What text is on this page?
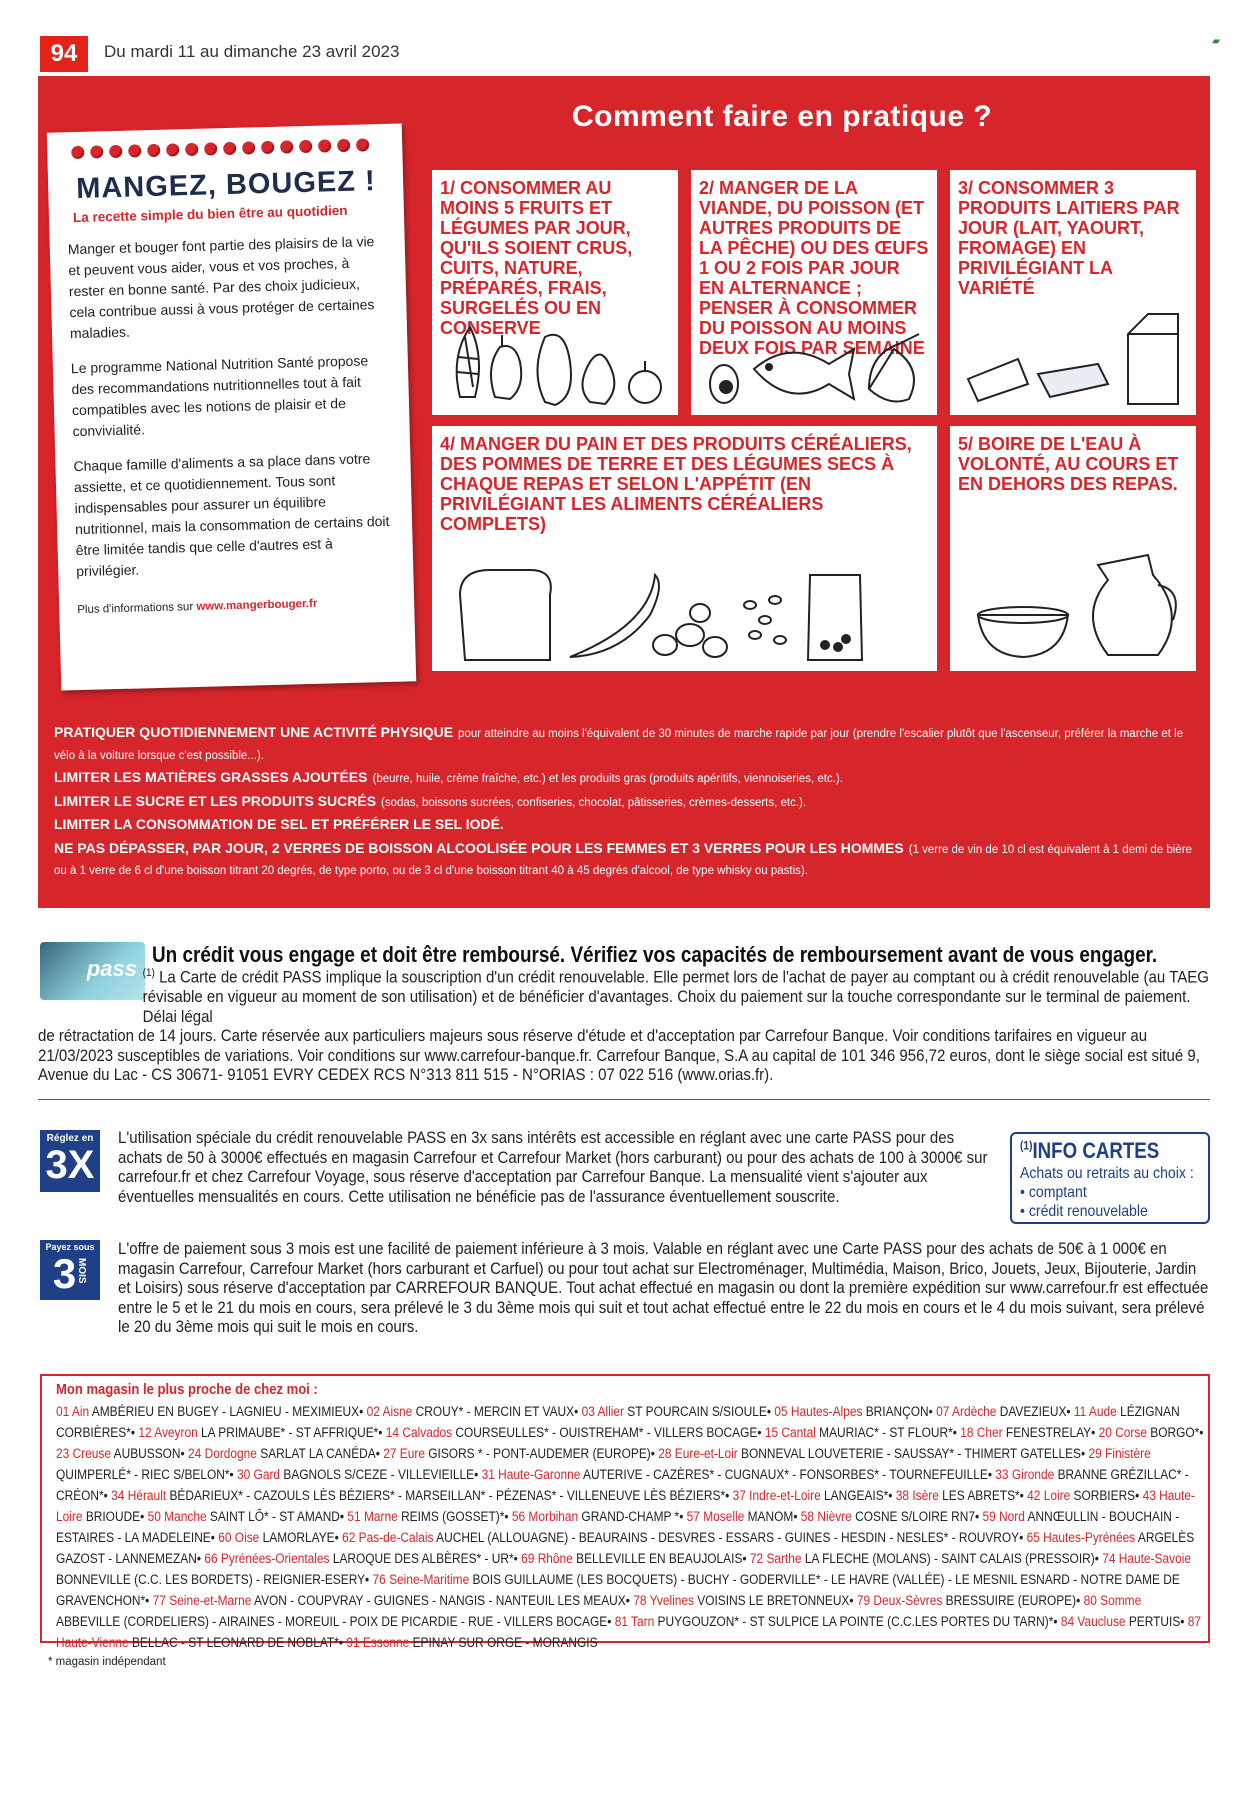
94	Du mardi 11 au dimanche 23 avril 2023
▰
Comment faire en pratique ?
MANGEZ, BOUGEZ !
La recette simple du bien être au quotidien

Manger et bouger font partie des plaisirs de la vie et peuvent vous aider, vous et vos proches, à rester en bonne santé. Par des choix judicieux, cela contribue aussi à vous protéger de certaines maladies.

Le programme National Nutrition Santé propose des recommandations nutritionnelles tout à fait compatibles avec les notions de plaisir et de convivialité.

Chaque famille d'aliments a sa place dans votre assiette, et ce quotidiennement. Tous sont indispensables pour assurer un équilibre nutritionnel, mais la consommation de certains doit être limitée tandis que celle d'autres est à privilégier.

Plus d'informations sur www.mangerbouger.fr

1/ CONSOMMER AU MOINS 5 FRUITS ET LÉGUMES PAR JOUR, QU'ILS SOIENT CRUS, CUITS, NATURE, PRÉPARÉS, FRAIS, SURGELÉS OU EN CONSERVE
2/ MANGER DE LA VIANDE, DU POISSON (ET AUTRES PRODUITS DE LA PÊCHE) OU DES ŒUFS 1 OU 2 FOIS PAR JOUR EN ALTERNANCE ; PENSER À CONSOMMER DU POISSON AU MOINS DEUX FOIS PAR SEMAINE
3/ CONSOMMER 3 PRODUITS LAITIERS PAR JOUR (LAIT, YAOURT, FROMAGE) EN PRIVILÉGIANT LA VARIÉTÉ
4/ MANGER DU PAIN ET DES PRODUITS CÉRÉALIERS, DES POMMES DE TERRE ET DES LÉGUMES SECS À CHAQUE REPAS ET SELON L'APPÉTIT (EN PRIVILÉGIANT LES ALIMENTS CÉRÉALIERS COMPLETS)
5/ BOIRE DE L'EAU À VOLONTÉ, AU COURS ET EN DEHORS DES REPAS.
PRATIQUER QUOTIDIENNEMENT UNE ACTIVITÉ PHYSIQUE pour atteindre au moins l'équivalent de 30 minutes de marche rapide par jour (prendre l'escalier plutôt que l'ascenseur, préférer la marche et le vélo à la voiture lorsque c'est possible...).
LIMITER LES MATIÈRES GRASSES AJOUTÉES (beurre, huile, crème fraîche, etc.) et les produits gras (produits apéritifs, viennoiseries, etc.).
LIMITER LE SUCRE ET LES PRODUITS SUCRÉS (sodas, boissons sucrées, confiseries, chocolat, pâtisseries, crèmes-desserts, etc.).
LIMITER LA CONSOMMATION DE SEL ET PRÉFÉRER LE SEL IODÉ.
NE PAS DÉPASSER, PAR JOUR, 2 VERRES DE BOISSON ALCOOLISÉE POUR LES FEMMES ET 3 VERRES POUR LES HOMMES (1 verre de vin de 10 cl est équivalent à 1 demi de bière ou à 1 verre de 6 cl d'une boisson titrant 20 degrés, de type porto, ou de 3 cl d'une boisson titrant 40 à 45 degrés d'alcool, de type whisky ou pastis).
pass
Un crédit vous engage et doit être remboursé. Vérifiez vos capacités de remboursement avant de vous engager.
$^{(1)}$ La Carte de crédit PASS implique la souscription d'un crédit renouvelable. Elle permet lors de l'achat de payer au comptant ou à crédit renouvelable (au TAEG
révisable en vigueur au moment de son utilisation) et de bénéficier d'avantages. Choix du paiement sur la touche correspondante sur le terminal de paiement. Délai légal
de rétractation de 14 jours. Carte réservée aux particuliers majeurs sous réserve d'étude et d'acceptation par Carrefour Banque. Voir conditions tarifaires en vigueur au 21/03/2023 susceptibles de variations. Voir conditions sur www.carrefour-banque.fr. Carrefour Banque, S.A au capital de 101 346 956,72 euros, dont le siège social est situé 9, Avenue du Lac - CS 30671- 91051 EVRY CEDEX RCS N°313 811 515 - N°ORIAS : 07 022 516 (www.orias.fr).
Réglez en
3X
L'utilisation spéciale du crédit renouvelable PASS en 3x sans intérêts est accessible en réglant avec une carte PASS pour des achats de 50 à 3000€ effectués en magasin Carrefour et Carrefour Market (hors carburant) ou pour des achats de 100 à 3000€ sur carrefour.fr et chez Carrefour Voyage, sous réserve d'acceptation par Carrefour Banque. La mensualité vient s'ajouter aux éventuelles mensualités en cours. Cette utilisation ne bénéficie pas de l'assurance éventuellement souscrite.
$^{(1)}$INFO CARTES
Achats ou retraits au choix :
• comptant
• crédit renouvelable
Payez sous
3MOIS
L'offre de paiement sous 3 mois est une facilité de paiement inférieure à 3 mois. Valable en réglant avec une Carte PASS pour des achats de 50€ à 1 000€ en magasin Carrefour, Carrefour Market (hors carburant et Carfuel) ou pour tout achat sur Electroménager, Multimédia, Maison, Brico, Jouets, Jeux, Bijouterie, Jardin et Loisirs) sous réserve d'acceptation par CARREFOUR BANQUE. Tout achat effectué en magasin ou dont la première expédition sur www.carrefour.fr est effectuée entre le 5 et le 21 du mois en cours, sera prélevé le 3 du 3ème mois qui suit et tout achat effectué entre le 22 du mois en cours et le 4 du mois suivant, sera prélevé le 20 du 3ème mois qui suit le mois en cours.
Mon magasin le plus proche de chez moi :
01 Ain AMBÉRIEU EN BUGEY - LAGNIEU - MEXIMIEUX• 02 Aisne CROUY* - MERCIN ET VAUX• 03 Allier ST POURCAIN S/SIOULE• 05 Hautes-Alpes BRIANÇON• 07 Ardèche DAVEZIEUX• 11 Aude LÉZIGNAN CORBIÈRES*• 12 Aveyron LA PRIMAUBE* - ST AFFRIQUE*• 14 Calvados COURSEULLES* - OUISTREHAM* - VILLERS BOCAGE• 15 Cantal MAURIAC* - ST FLOUR*• 18 Cher FENESTRELAY• 20 Corse BORGO*• 23 Creuse AUBUSSON• 24 Dordogne SARLAT LA CANÉDA• 27 Eure GISORS * - PONT-AUDEMER (EUROPE)• 28 Eure-et-Loir BONNEVAL LOUVETERIE - SAUSSAY* - THIMERT GATELLES• 29 Finistère QUIMPERLÉ* - RIEC S/BELON*• 30 Gard BAGNOLS S/CEZE - VILLEVIEILLE• 31 Haute-Garonne AUTERIVE - CAZÈRES* - CUGNAUX* - FONSORBES* - TOURNEFEUILLE• 33 Gironde BRANNE GRÉZILLAC* - CRÉON*• 34 Hérault BÉDARIEUX* - CAZOULS LÈS BÉZIERS* - MARSEILLAN* - PÉZENAS* - VILLENEUVE LÈS BÉZIERS*• 37 Indre-et-Loire LANGEAIS*• 38 Isère LES ABRETS*• 42 Loire SORBIERS• 43 Haute-Loire BRIOUDE• 50 Manche SAINT LÔ* - ST AMAND• 51 Marne REIMS (GOSSET)*• 56 Morbihan GRAND-CHAMP *• 57 Moselle MANOM• 58 Nièvre COSNE S/LOIRE RN7• 59 Nord ANNŒULLIN - BOUCHAIN - ESTAIRES - LA MADELEINE• 60 Oise LAMORLAYE• 62 Pas-de-Calais AUCHEL (ALLOUAGNE) - BEAURAINS - DESVRES - ESSARS - GUINES - HESDIN - NESLES* - ROUVROY• 65 Hautes-Pyrénées ARGELÈS GAZOST - LANNEMEZAN• 66 Pyrénées-Orientales LAROQUE DES ALBÈRES* - UR*• 69 Rhône BELLEVILLE EN BEAUJOLAIS• 72 Sarthe LA FLECHE (MOLANS) - SAINT CALAIS (PRESSOIR)• 74 Haute-Savoie BONNEVILLE (C.C. LES BORDETS) - REIGNIER-ESERY• 76 Seine-Maritime BOIS GUILLAUME (LES BOCQUETS) - BUCHY - GODERVILLE* - LE HAVRE (VALLÉE) - LE MESNIL ESNARD - NOTRE DAME DE GRAVENCHON*• 77 Seine-et-Marne AVON - COUPVRAY - GUIGNES - NANGIS - NANTEUIL LES MEAUX• 78 Yvelines VOISINS LE BRETONNEUX• 79 Deux-Sèvres BRESSUIRE (EUROPE)• 80 Somme ABBEVILLE (CORDELIERS) - AIRAINES - MOREUIL - POIX DE PICARDIE - RUE - VILLERS BOCAGE• 81 Tarn PUYGOUZON* - ST SULPICE LA POINTE (C.C.LES PORTES DU TARN)*• 84 Vaucluse PERTUIS• 87 Haute-Vienne BELLAC - ST LEONARD DE NOBLAT*• 91 Essonne EPINAY SUR ORGE - MORANGIS
* magasin indépendant
